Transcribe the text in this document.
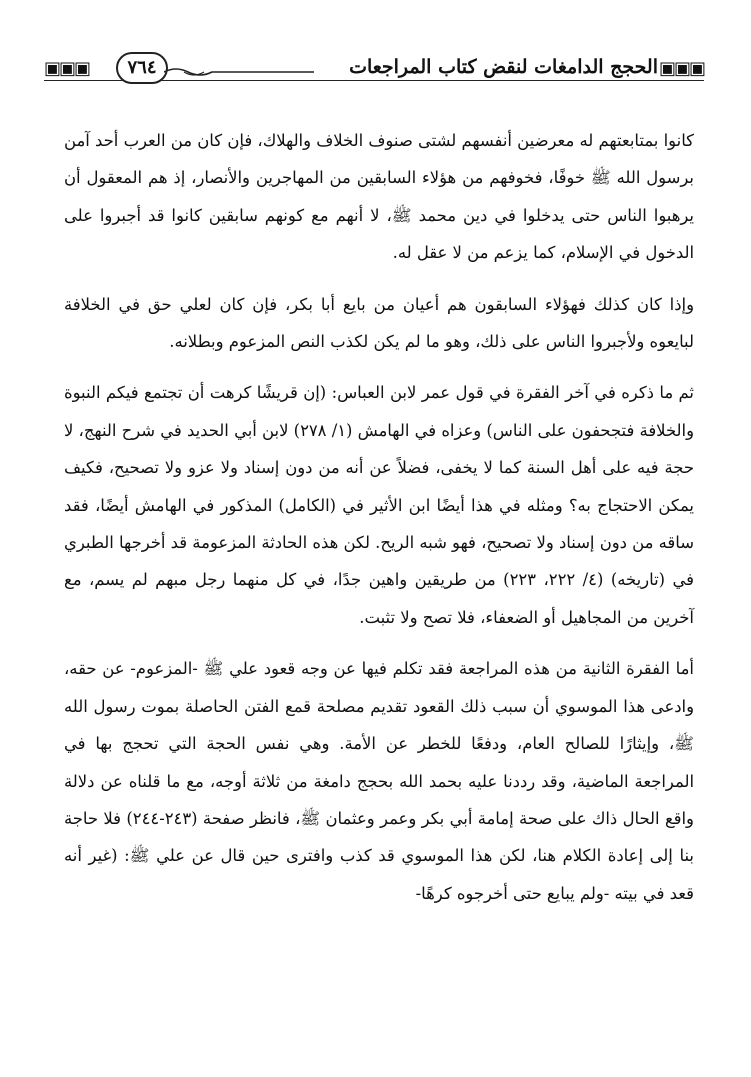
▣▣▣	٧٦٤	الحجج الدامغات لنقض كتاب المراجعات ▣▣▣

كانوا بمتابعتهم له معرضين أنفسهم لشتى صنوف الخلاف والهلاك، فإن كان من العرب أحد آمن برسول الله ﷺ خوفًا، فخوفهم من هؤلاء السابقين من المهاجرين والأنصار، إذ هم المعقول أن يرهبوا الناس حتى يدخلوا في دين محمد ﷺ، لا أنهم مع كونهم سابقين كانوا قد أجبروا على الدخول في الإسلام، كما يزعم من لا عقل له.

وإذا كان كذلك فهؤلاء السابقون هم أعيان من بايع أبا بكر، فإن كان لعلي حق في الخلافة لبايعوه ولأجبروا الناس على ذلك، وهو ما لم يكن لكذب النص المزعوم وبطلانه.

ثم ما ذكره في آخر الفقرة في قول عمر لابن العباس: (إن قريشًا كرهت أن تجتمع فيكم النبوة والخلافة فتجحفون على الناس) وعزاه في الهامش (١/ ٢٧٨) لابن أبي الحديد في شرح النهج، لا حجة فيه على أهل السنة كما لا يخفى، فضلاً عن أنه من دون إسناد ولا عزو ولا تصحيح، فكيف يمكن الاحتجاج به؟ ومثله في هذا أيضًا ابن الأثير في (الكامل) المذكور في الهامش أيضًا، فقد ساقه من دون إسناد ولا تصحيح، فهو شبه الريح. لكن هذه الحادثة المزعومة قد أخرجها الطبري في (تاريخه) (٤/ ٢٢٢، ٢٢٣) من طريقين واهين جدًا، في كل منهما رجل مبهم لم يسم، مع آخرين من المجاهيل أو الضعفاء، فلا تصح ولا تثبت.

أما الفقرة الثانية من هذه المراجعة فقد تكلم فيها عن وجه قعود علي ﷺ -المزعوم- عن حقه، وادعى هذا الموسوي أن سبب ذلك القعود تقديم مصلحة قمع الفتن الحاصلة بموت رسول الله ﷺ، وإيثارًا للصالح العام، ودفعًا للخطر عن الأمة. وهي نفس الحجة التي تحجج بها في المراجعة الماضية، وقد رددنا عليه بحمد الله بحجج دامغة من ثلاثة أوجه، مع ما قلناه عن دلالة واقع الحال ذاك على صحة إمامة أبي بكر وعمر وعثمان ﷺ، فانظر صفحة (٢٤٣-٢٤٤) فلا حاجة بنا إلى إعادة الكلام هنا، لكن هذا الموسوي قد كذب وافترى حين قال عن علي ﷺ: (غير أنه قعد في بيته -ولم يبايع حتى أخرجوه كرهًا-
